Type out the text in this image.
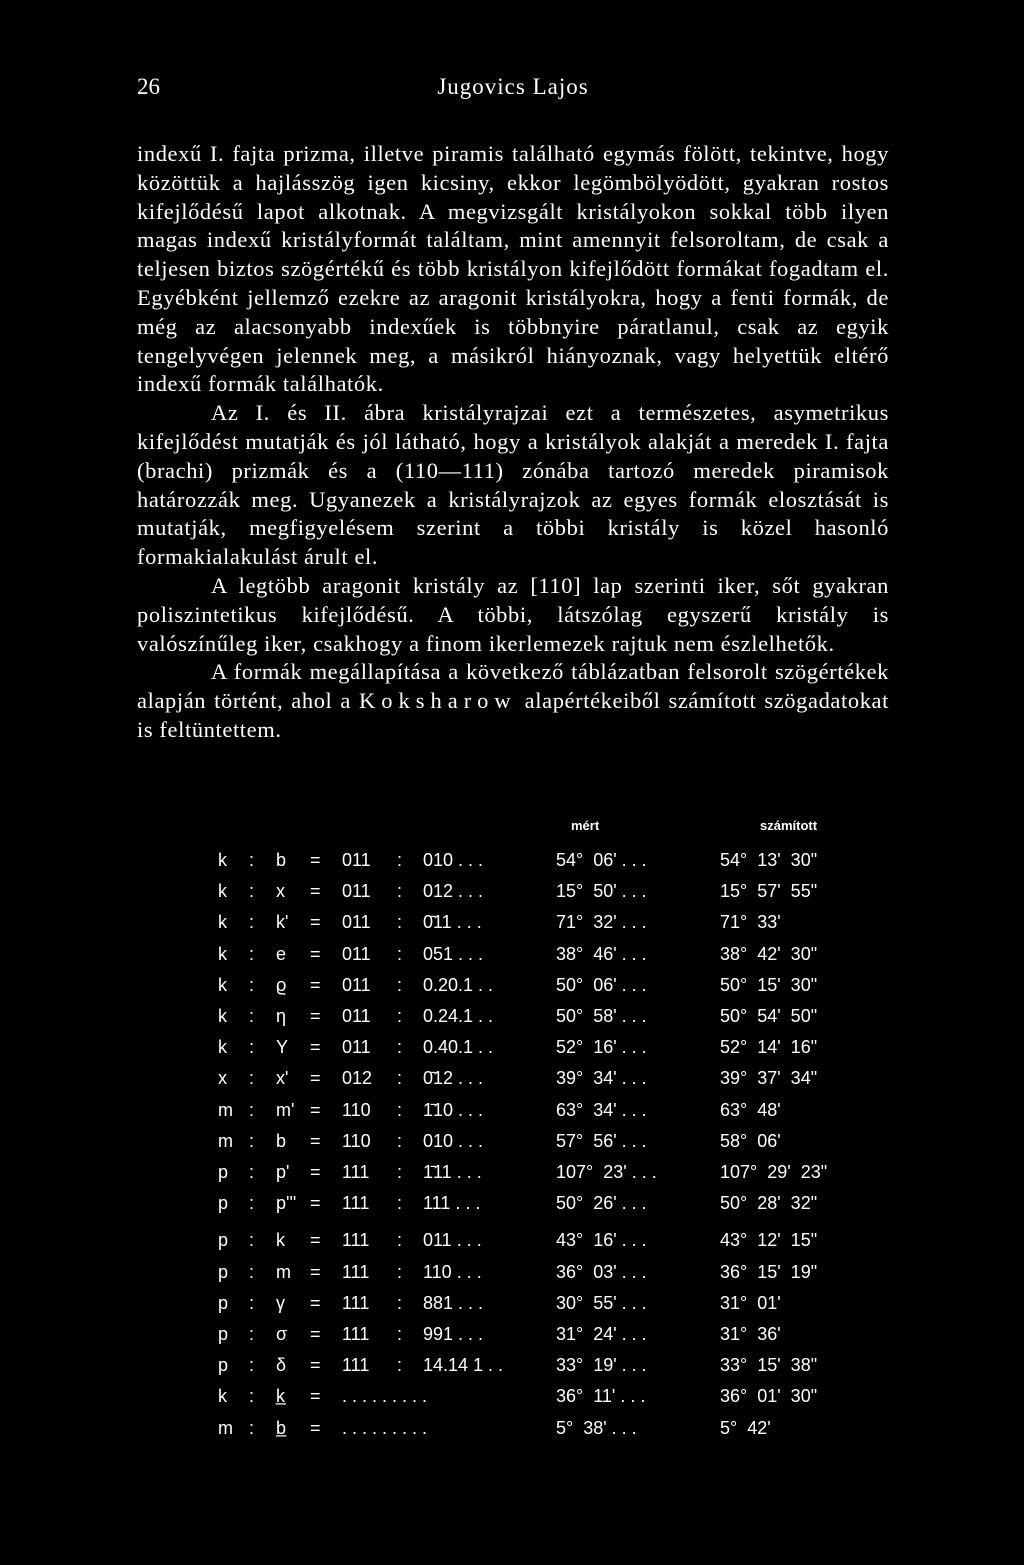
26	Jugovics Lajos

indexű I. fajta prizma, illetve piramis található egymás fölött, tekintve, hogy közöttük a hajlásszög igen kicsiny, ekkor legömbölyödött, gyakran rostos kifejlődésű lapot alkotnak. A megvizsgált kristályokon sokkal több ilyen magas indexű kristályformát találtam, mint amennyit felsoroltam, de csak a teljesen biztos szögértékű és több kristályon kifejlődött formákat fogadtam el. Egyébként jellemző ezekre az aragonit kristályokra, hogy a fenti formák, de még az alacsonyabb indexűek is többnyire páratlanul, csak az egyik tengelyvégen jelennek meg, a másikról hiányoznak, vagy helyettük eltérő indexű formák találhatók.

Az I. és II. ábra kristályrajzai ezt a természetes, asymetrikus kifejlődést mutatják és jól látható, hogy a kristályok alakját a meredek I. fajta (brachi) prizmák és a (110—111) zónába tartozó meredek piramisok határozzák meg. Ugyanezek a kristályrajzok az egyes formák elosztását is mutatják, megfigyelésem szerint a többi kristály is közel hasonló formakialakulást árult el.

A legtöbb aragonit kristály az [110] lap szerinti iker, sőt gyakran poliszintetikus kifejlődésű. A többi, látszólag egyszerű kristály is valószínűleg iker, csakhogy a finom ikerlemezek rajtuk nem észlelhetők.

A formák megállapítása a következő táblázatban felsorolt szögértékek alapján történt, ahol a Koksharow alapértékeiből számított szögadatokat is feltüntettem.

mért	számított
k : b = 011 : 010 . . .	54°  06' . . .	54°  13'  30"
k : x = 011 : 012 . . .	15°  50' . . .	15°  57'  55"
k : k' = 011 : 0̄11 . . .	71°  32' . . .	71°  33'
k : e = 011 : 051 . . .	38°  46' . . .	38°  42'  30"
k : ϱ = 011 : 0.20.1 . .	50°  06' . . .	50°  15'  30"
k : η = 011 : 0.24.1 . .	50°  58' . . .	50°  54'  50"
k : Y = 011 : 0.40.1 . .	52°  16' . . .	52°  14'  16"
x : x' = 012 : 0̄12 . . .	39°  34' . . .	39°  37'  34"
m : m' = 110 : 1̄10 . . .	63°  34' . . .	63°  48'
m : b = 110 : 010 . . .	57°  56' . . .	58°  06'
p : p' = 111 : 1̄11 . . .	107°  23' . . .	107°  29'  23"
p : p''' = 111 : 111 . . .	50°  26' . . .	50°  28'  32"
p : k = 111 : 011 . . .	43°  16' . . .	43°  12'  15"
p : m = 111 : 110 . . .	36°  03' . . .	36°  15'  19"
p : γ = 111 : 881 . . .	30°  55' . . .	31°  01'
p : σ = 111 : 991 . . .	31°  24' . . .	31°  36'
p : δ = 111 : 14.14 1 . .	33°  19' . . .	33°  15'  38"
k : k̲ = . . . . . . . . .	36°  11' . . .	36°  01'  30"
m : b̲ = . . . . . . . . .	5°  38' . . .	5°  42'
